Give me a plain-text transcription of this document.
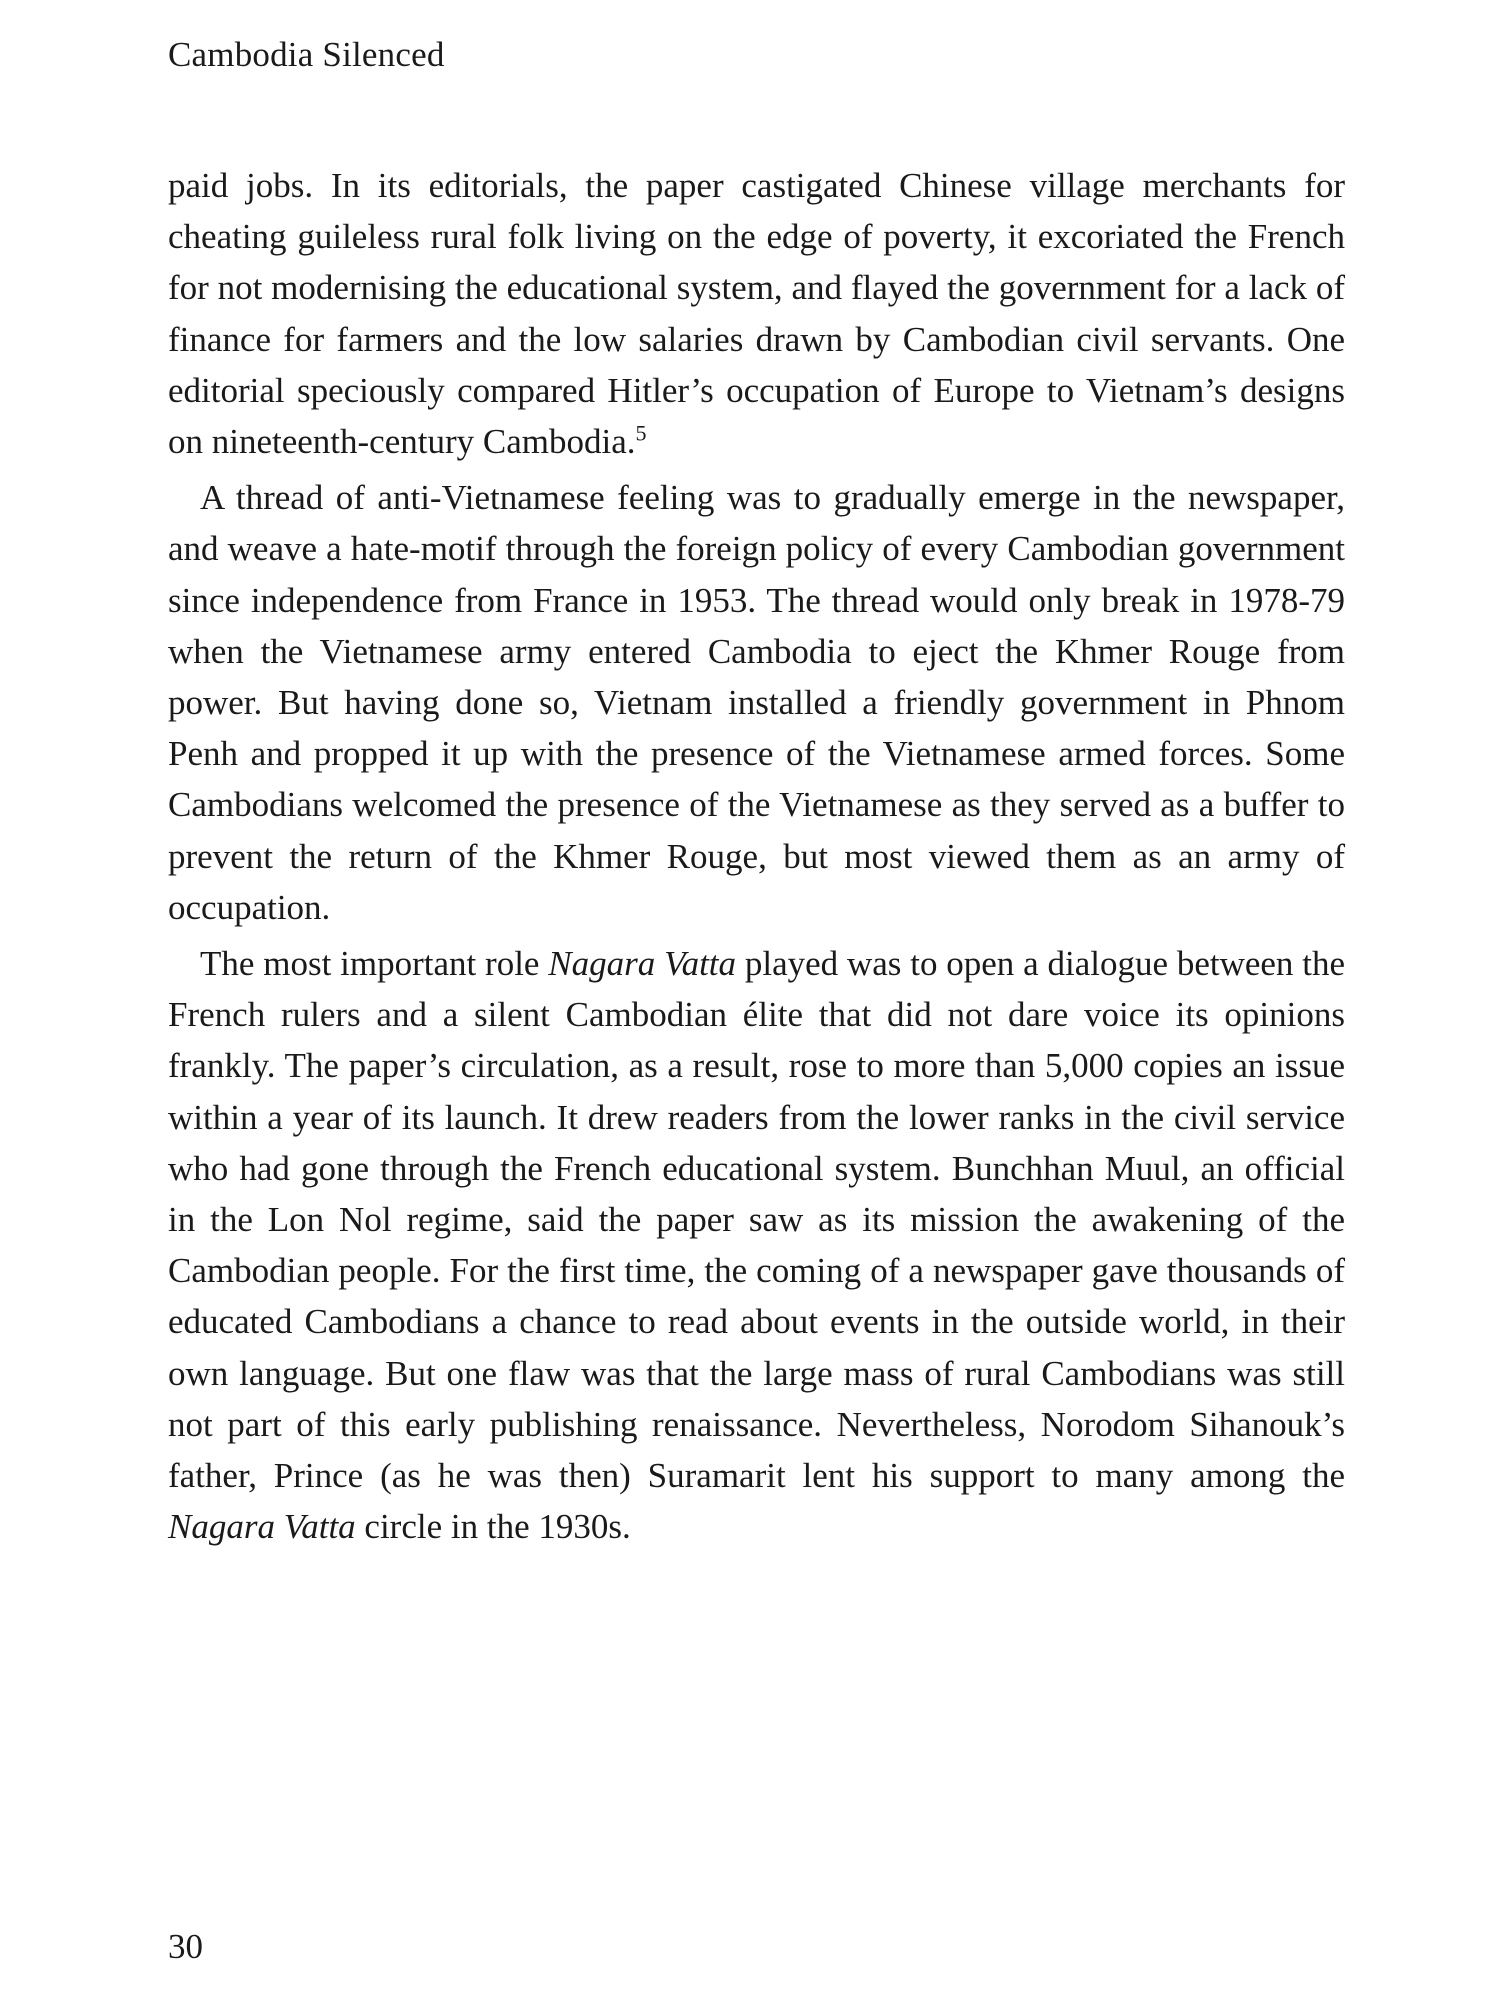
Cambodia Silenced

paid jobs. In its editorials, the paper castigated Chinese village merchants for cheating guileless rural folk living on the edge of poverty, it excoriated the French for not modernising the educational system, and flayed the government for a lack of finance for farmers and the low salaries drawn by Cambodian civil servants. One editorial speciously compared Hitler’s occupation of Europe to Vietnam’s designs on nineteenth-century Cambodia.$^5$

A thread of anti-Vietnamese feeling was to gradually emerge in the newspaper, and weave a hate-motif through the foreign policy of every Cambodian government since independence from France in 1953. The thread would only break in 1978-79 when the Vietnamese army entered Cambodia to eject the Khmer Rouge from power. But having done so, Vietnam installed a friendly government in Phnom Penh and propped it up with the presence of the Vietnamese armed forces. Some Cambodians welcomed the presence of the Vietnamese as they served as a buffer to prevent the return of the Khmer Rouge, but most viewed them as an army of occupation.

The most important role Nagara Vatta played was to open a dialogue between the French rulers and a silent Cambodian élite that did not dare voice its opinions frankly. The paper’s circulation, as a result, rose to more than 5,000 copies an issue within a year of its launch. It drew readers from the lower ranks in the civil service who had gone through the French educational system. Bunchhan Muul, an official in the Lon Nol regime, said the paper saw as its mission the awakening of the Cambodian people. For the first time, the coming of a newspaper gave thousands of educated Cambodians a chance to read about events in the outside world, in their own language. But one flaw was that the large mass of rural Cambodians was still not part of this early publishing renaissance. Nevertheless, Norodom Sihanouk’s father, Prince (as he was then) Suramarit lent his support to many among the Nagara Vatta circle in the 1930s.

30
